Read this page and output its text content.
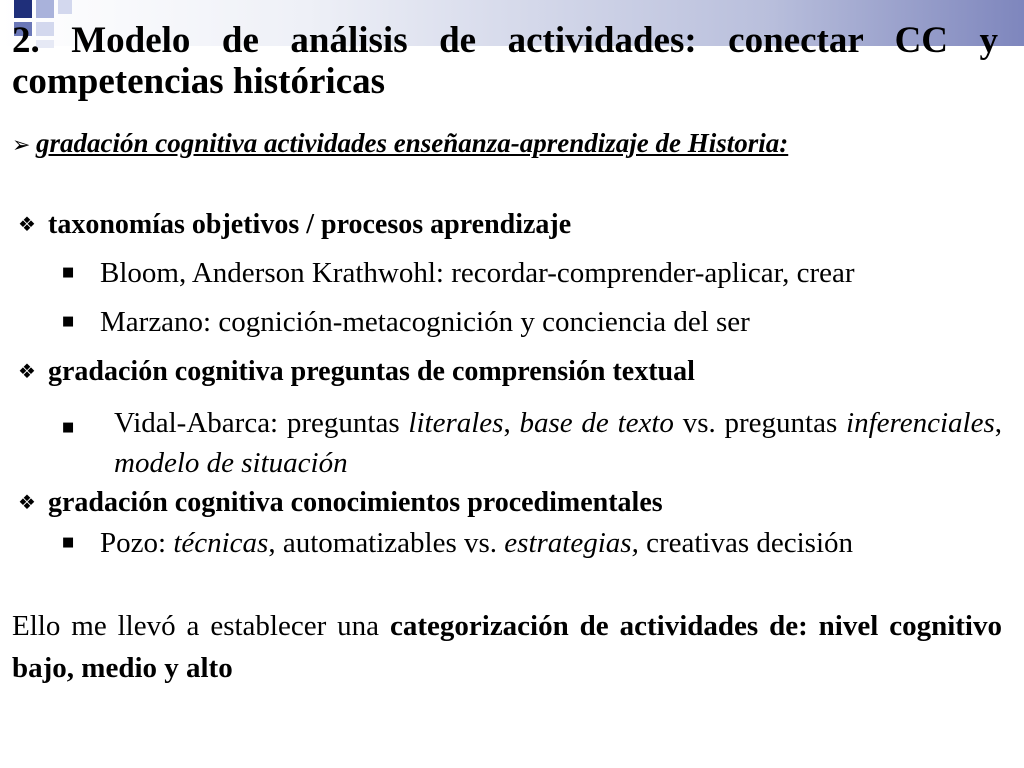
2. Modelo de análisis de actividades: conectar CC y competencias históricas
➢ gradación cognitiva actividades enseñanza-aprendizaje de Historia:
❖ taxonomías objetivos / procesos aprendizaje
■ Bloom, Anderson Krathwohl: recordar-comprender-aplicar, crear
■ Marzano: cognición-metacognición y conciencia del ser
❖ gradación cognitiva preguntas de comprensión textual
■ Vidal-Abarca: preguntas literales, base de texto vs. preguntas inferenciales, modelo de situación
❖ gradación cognitiva conocimientos procedimentales
■ Pozo: técnicas, automatizables vs. estrategias, creativas decisión
Ello me llevó a establecer una categorización de actividades de: nivel cognitivo bajo, medio y alto
